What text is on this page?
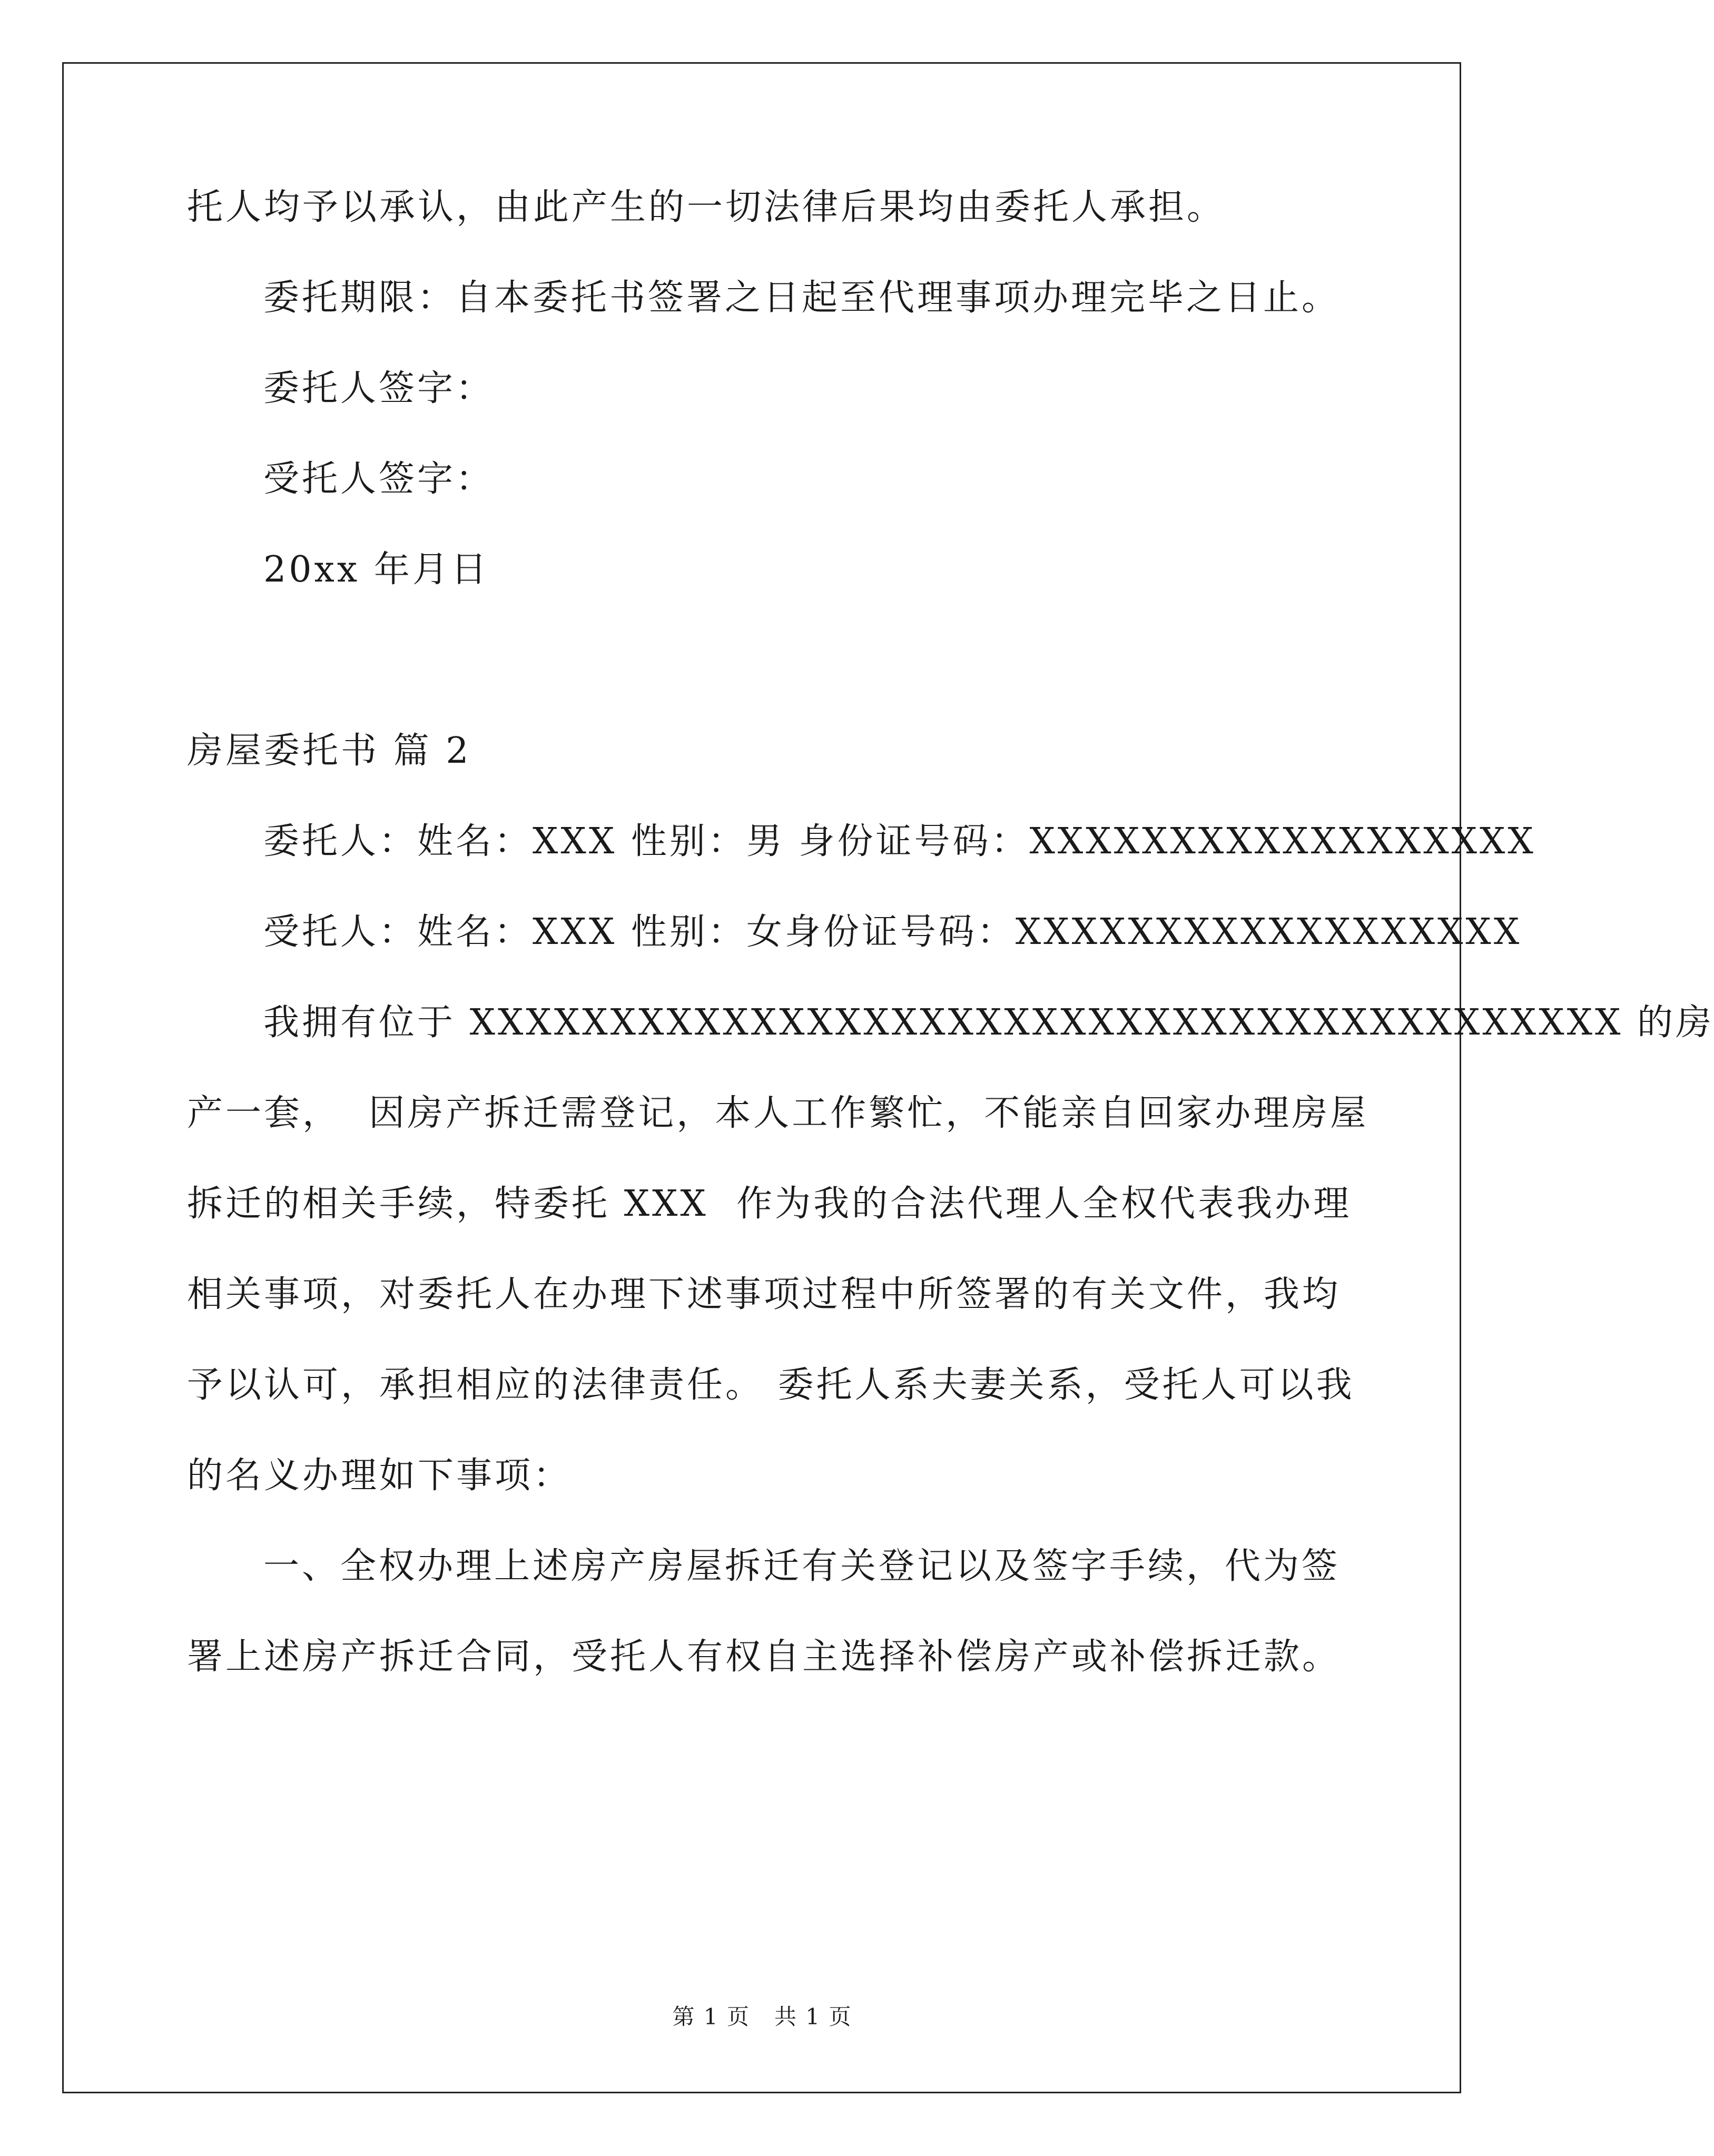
托人均予以承认，由此产生的一切法律后果均由委托人承担。
委托期限：自本委托书签署之日起至代理事项办理完毕之日止。
委托人签字：
受托人签字：
20xx 年月日
房屋委托书 篇 2
委托人：姓名：XXX 性别：男 身份证号码：XXXXXXXXXXXXXXXXXX
受托人：姓名：XXX 性别：女身份证号码：XXXXXXXXXXXXXXXXXX
我拥有位于 XXXXXXXXXXXXXXXXXXXXXXXXXXXXXXXXXXXXXXXXX 的房
产一套，  因房产拆迁需登记，本人工作繁忙，不能亲自回家办理房屋
拆迁的相关手续，特委托 XXX  作为我的合法代理人全权代表我办理
相关事项，对委托人在办理下述事项过程中所签署的有关文件，我均
予以认可，承担相应的法律责任。 委托人系夫妻关系，受托人可以我
的名义办理如下事项：
一、全权办理上述房产房屋拆迁有关登记以及签字手续，代为签
署上述房产拆迁合同，受托人有权自主选择补偿房产或补偿拆迁款。
第 1 页   共 1 页
